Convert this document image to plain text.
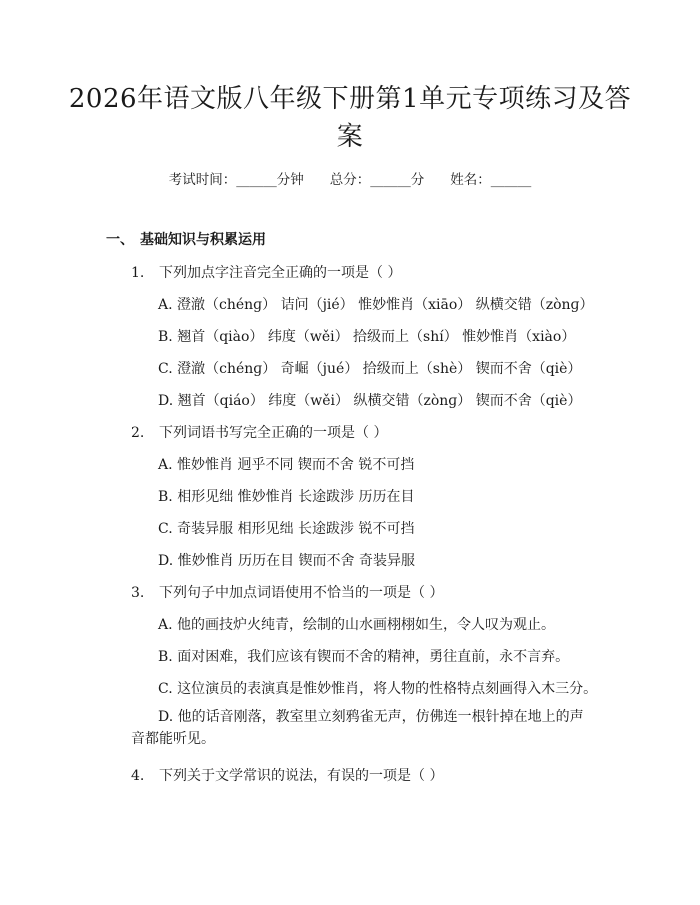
2026年语文版八年级下册第1单元专项练习及答案
考试时间：______分钟 总分：______分 姓名：______
一、 基础知识与积累运用
1. 下列加点字注音完全正确的一项是（ ）
A. 澄澈（chénɡ） 诘问（jié） 惟妙惟肖（xiāo） 纵横交错（zònɡ）
B. 翘首（qiào） 纬度（wěi） 拾级而上（shí） 惟妙惟肖（xiào）
C. 澄澈（chénɡ） 奇崛（jué） 拾级而上（shè） 锲而不舍（qiè）
D. 翘首（qiáo） 纬度（wěi） 纵横交错（zònɡ） 锲而不舍（qiè）
2. 下列词语书写完全正确的一项是（ ）
A. 惟妙惟肖 迥乎不同 锲而不舍 锐不可挡
B. 相形见绌 惟妙惟肖 长途跋涉 历历在目
C. 奇装异服 相形见绌 长途跋涉 锐不可挡
D. 惟妙惟肖 历历在目 锲而不舍 奇装异服
3. 下列句子中加点词语使用不恰当的一项是（ ）
A. 他的画技炉火纯青，绘制的山水画栩栩如生，令人叹为观止。
B. 面对困难，我们应该有锲而不舍的精神，勇往直前，永不言弃。
C. 这位演员的表演真是惟妙惟肖，将人物的性格特点刻画得入木三分。
D. 他的话音刚落，教室里立刻鸦雀无声，仿佛连一根针掉在地上的声音都能听见。
4. 下列关于文学常识的说法，有误的一项是（ ）
